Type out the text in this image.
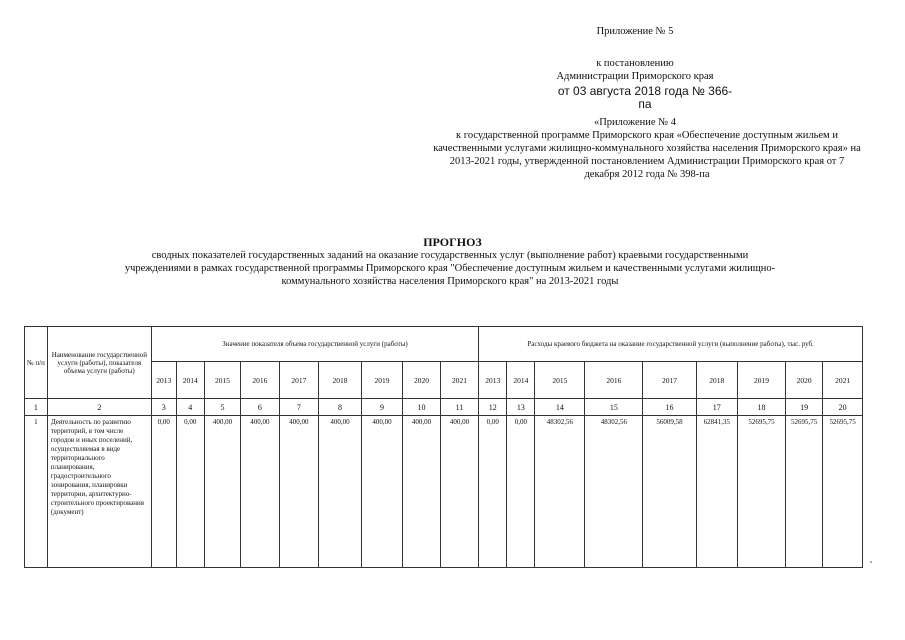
Приложение № 5
к постановлению
Администрации Приморского края
от 03 августа 2018 года № 366-па
«Приложение № 4
к государственной программе Приморского края «Обеспечение доступным жильем и качественными услугами жилищно-коммунального хозяйства населения Приморского края» на 2013-2021 годы, утвержденной постановлением Администрации Приморского края от 7 декабря 2012 года № 398-па
ПРОГНОЗ
сводных показателей государственных заданий на оказание государственных услуг (выполнение работ) краевыми государственными учреждениями в рамках государственной программы Приморского края "Обеспечение доступным жильем и качественными услугами жилищно-коммунального хозяйства населения Приморского края" на 2013-2021 годы
№ п/п	Наименование государственной услуги (работы), показателя объема услуги (работы)	Значение показателя объема государственной услуги (работы)									Расходы краевого бюджета на оказание государственной услуги (выполнение работы), тыс. руб.								
		2013	2014	2015	2016	2017	2018	2019	2020	2021	2013	2014	2015	2016	2017	2018	2019	2020	2021
1	2	3	4	5	6	7	8	9	10	11	12	13	14	15	16	17	18	19	20
1	Деятельность по развитию территорий, в том числе городов и иных поселений, осуществляемая в виде территориального планирования, градостроительного зонирования, планировки территории, архитектурно-строительного проектирования (документ)	0,00	0,00	400,00	400,00	400,00	400,00	400,00	400,00	400,00	0,00	0,00	48302,56	48302,56	56009,58	62841,35	52695,75	52695,75	52695,75
»
